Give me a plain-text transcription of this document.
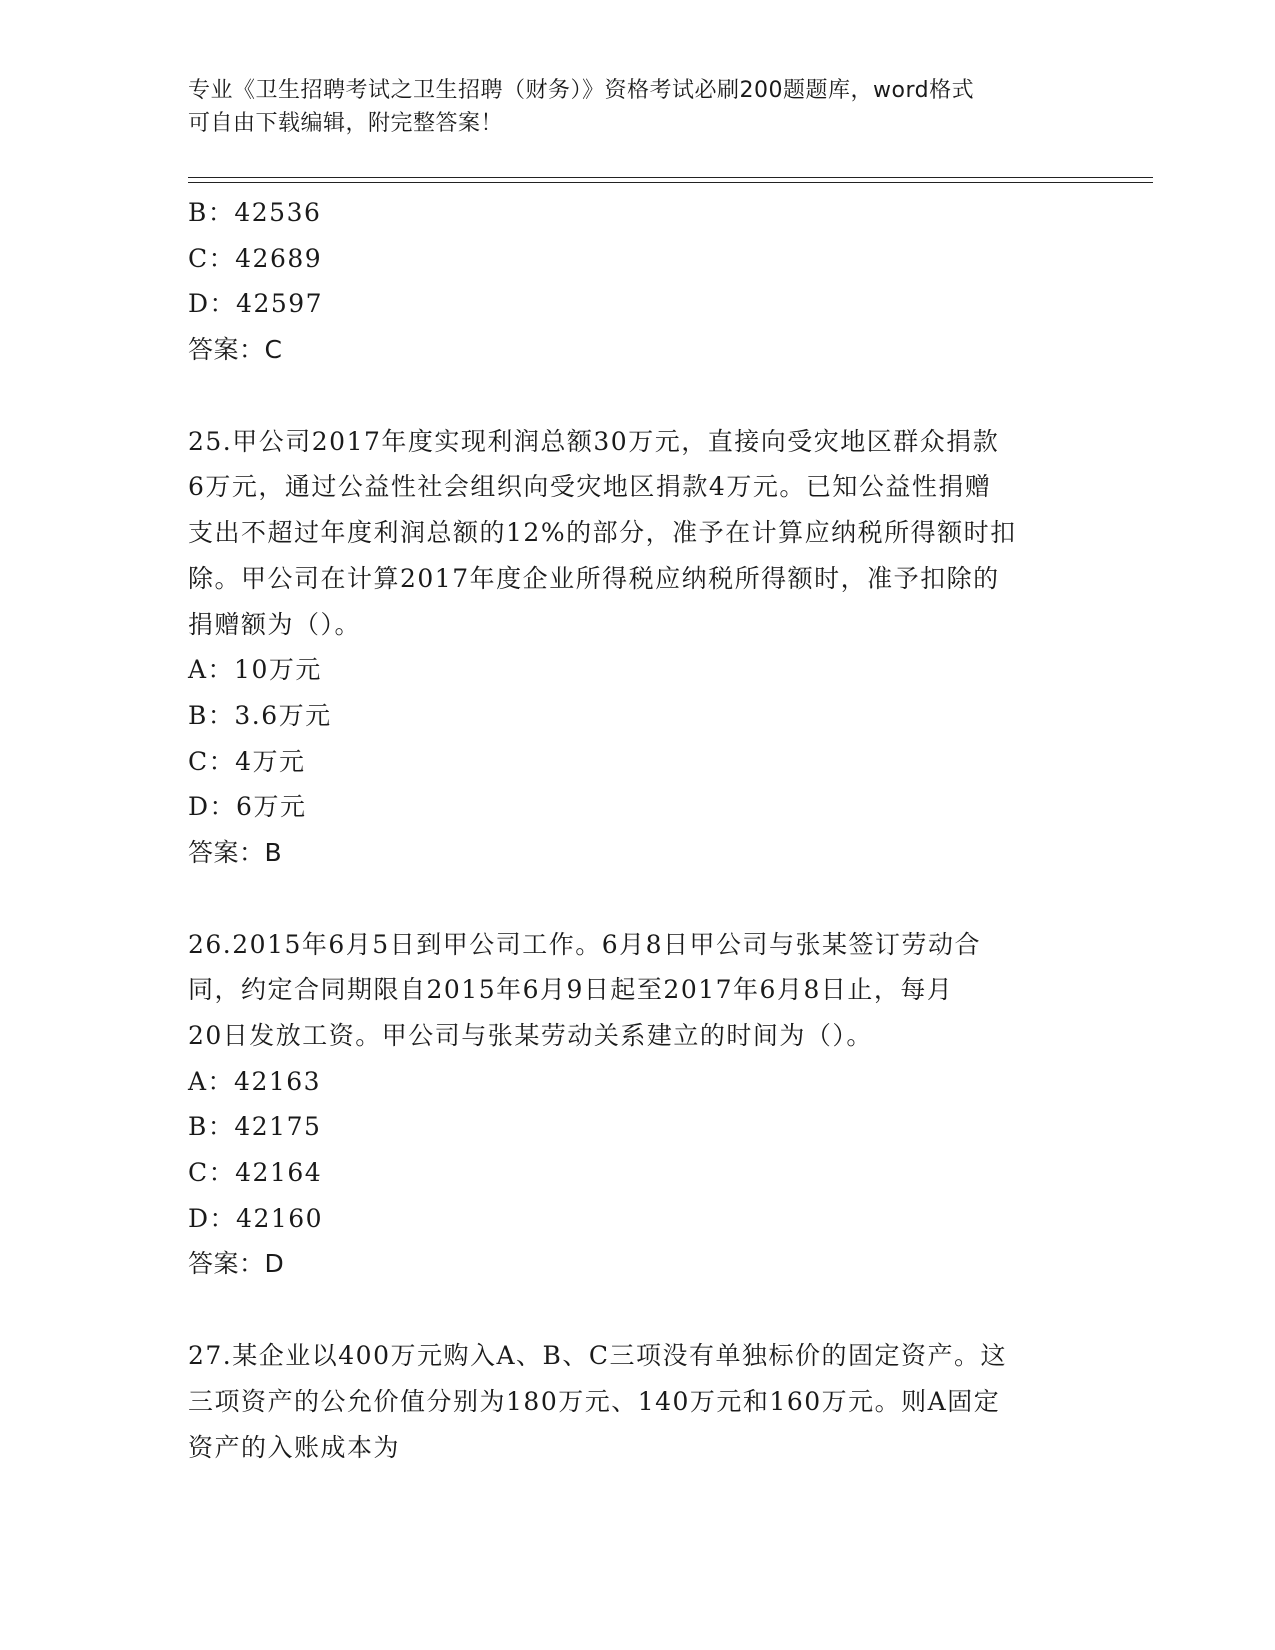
专业《卫生招聘考试之卫生招聘（财务）》资格考试必刷200题题库，word格式
可自由下载编辑，附完整答案！
B：42536
C：42689
D：42597
答案：C
25.甲公司2017年度实现利润总额30万元，直接向受灾地区群众捐款
6万元，通过公益性社会组织向受灾地区捐款4万元。已知公益性捐赠
支出不超过年度利润总额的12%的部分，准予在计算应纳税所得额时扣
除。甲公司在计算2017年度企业所得税应纳税所得额时，准予扣除的
捐赠额为（）。
A：10万元
B：3.6万元
C：4万元
D：6万元
答案：B
26.2015年6月5日到甲公司工作。6月8日甲公司与张某签订劳动合
同，约定合同期限自2015年6月9日起至2017年6月8日止，每月
20日发放工资。甲公司与张某劳动关系建立的时间为（）。
A：42163
B：42175
C：42164
D：42160
答案：D
27.某企业以400万元购入A、B、C三项没有单独标价的固定资产。这
三项资产的公允价值分别为180万元、140万元和160万元。则A固定
资产的入账成本为
